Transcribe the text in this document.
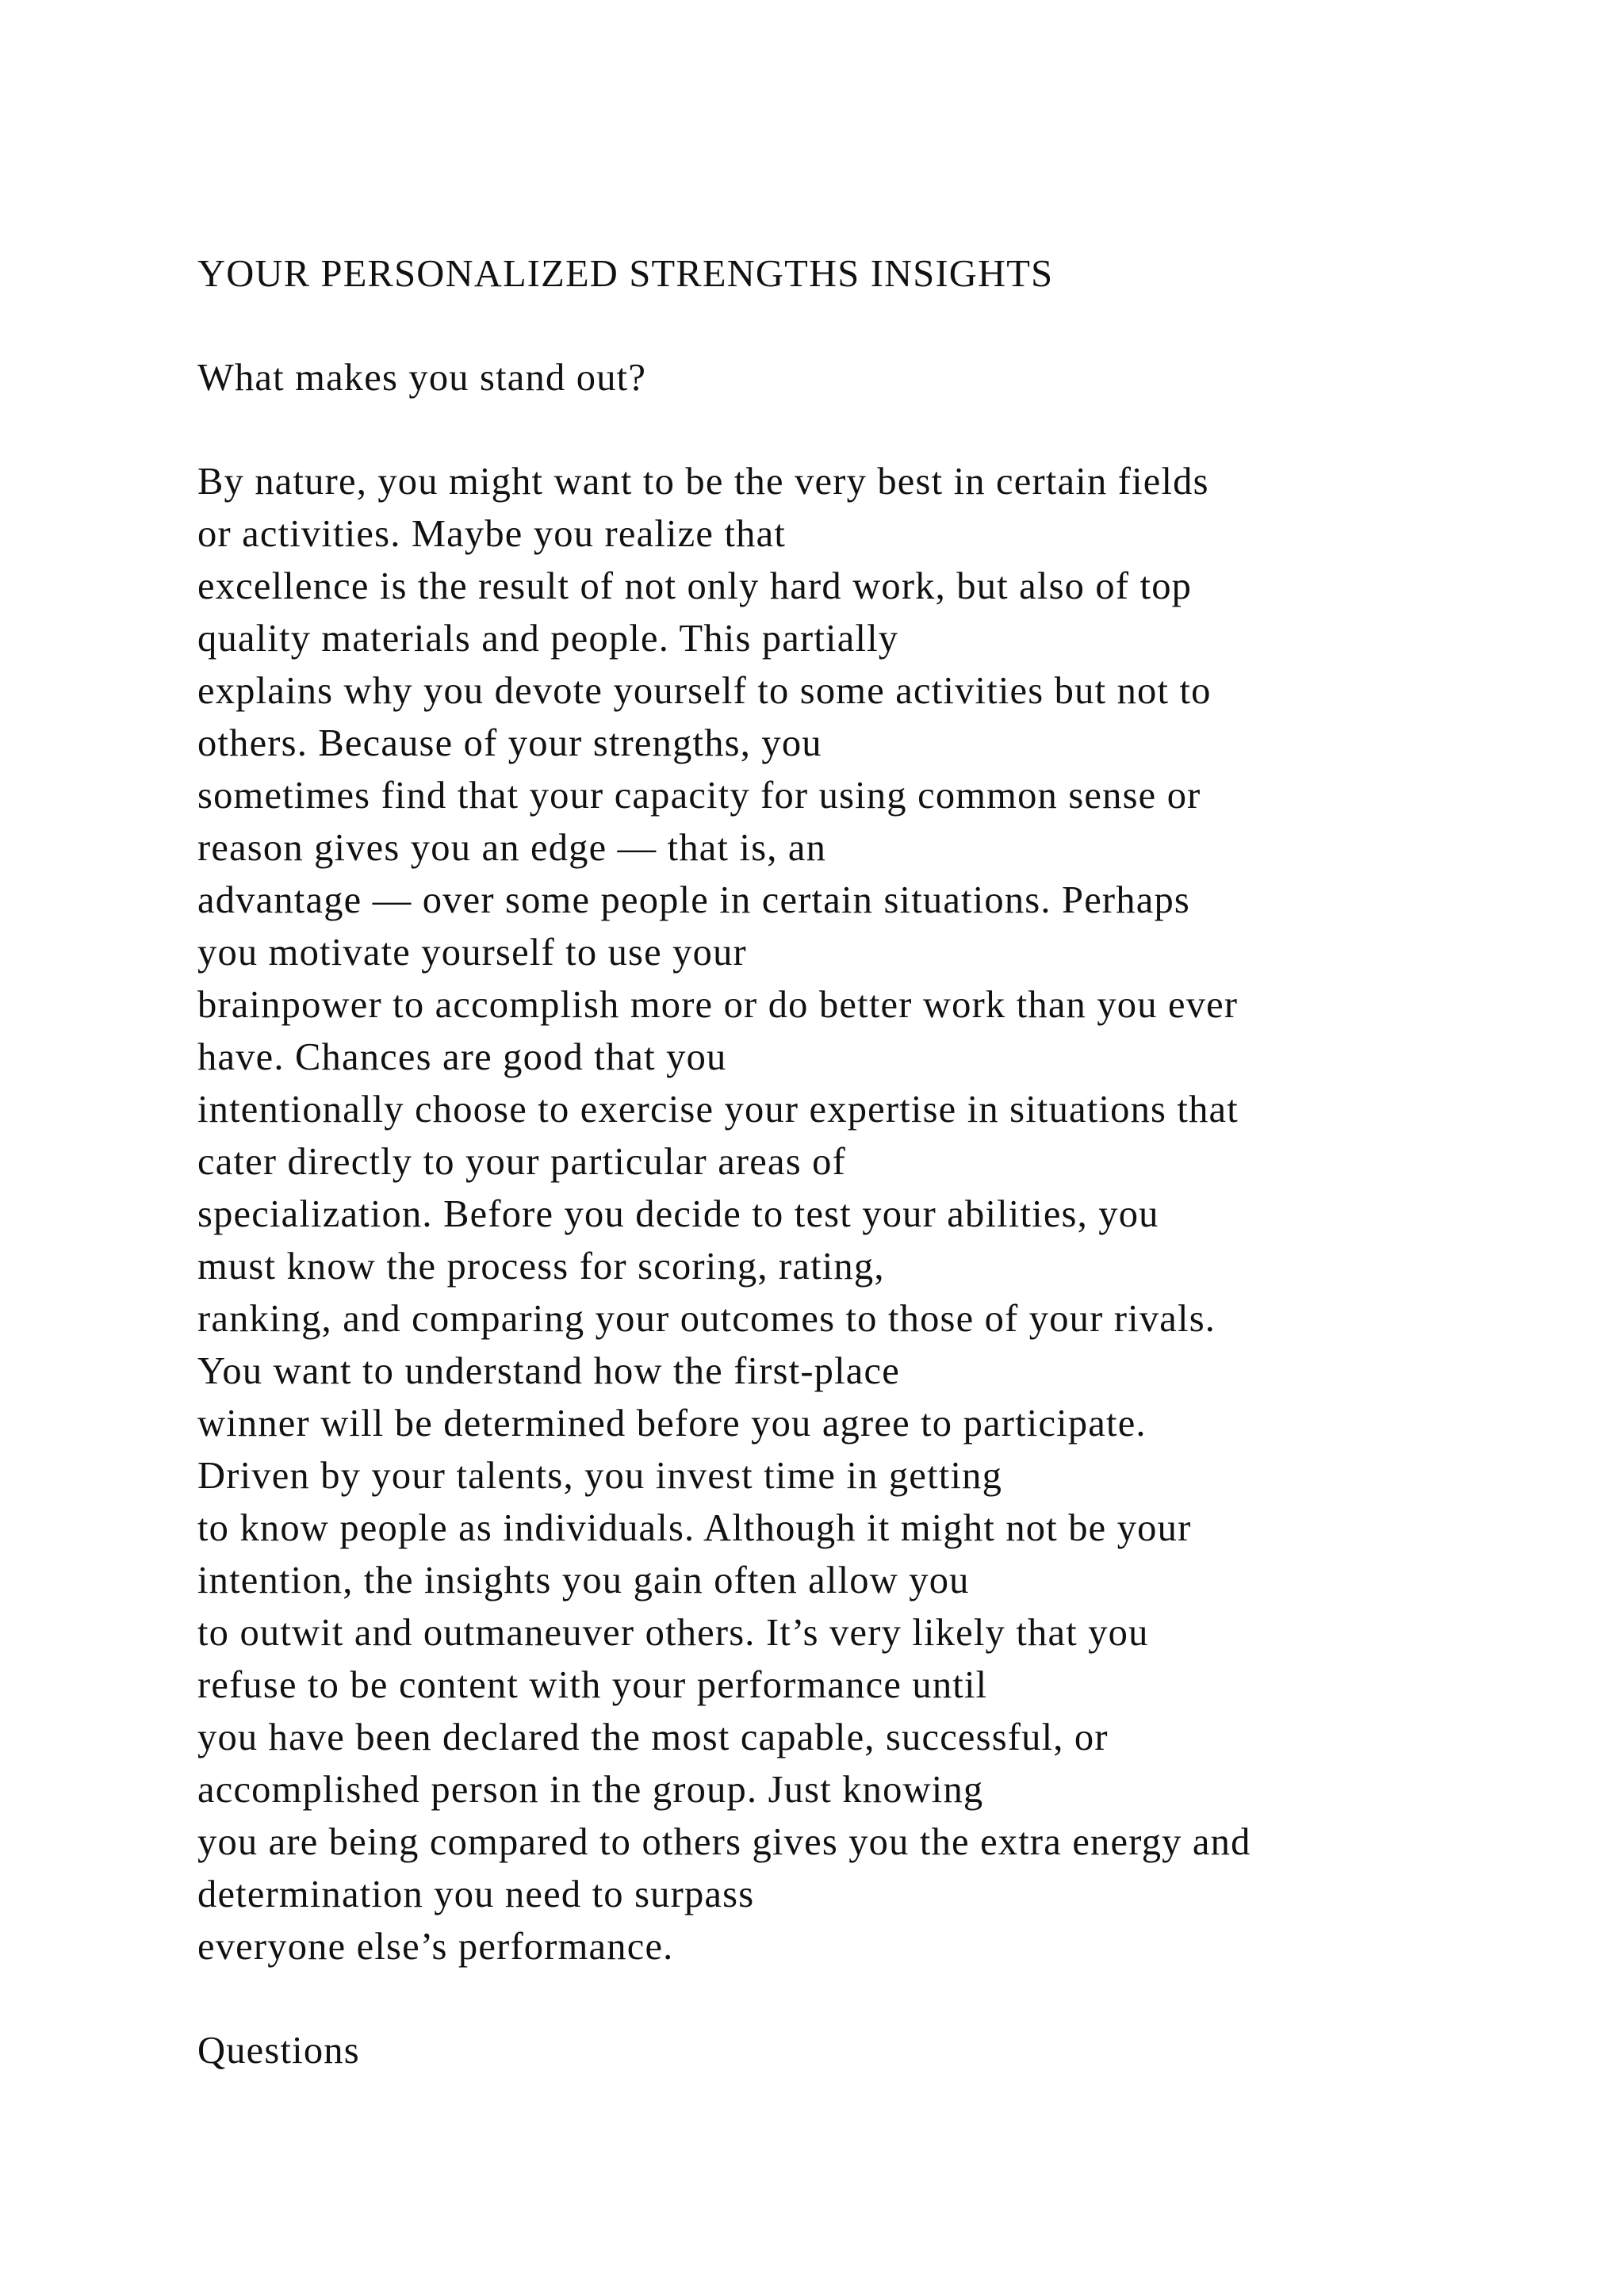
YOUR PERSONALIZED STRENGTHS INSIGHTS

What makes you stand out?

By nature, you might want to be the very best in certain fields

or activities. Maybe you realize that

excellence is the result of not only hard work, but also of top

quality materials and people. This partially

explains why you devote yourself to some activities but not to

others. Because of your strengths, you

sometimes find that your capacity for using common sense or

reason gives you an edge — that is, an

advantage — over some people in certain situations. Perhaps

you motivate yourself to use your

brainpower to accomplish more or do better work than you ever

have. Chances are good that you

intentionally choose to exercise your expertise in situations that

cater directly to your particular areas of

specialization. Before you decide to test your abilities, you

must know the process for scoring, rating,

ranking, and comparing your outcomes to those of your rivals.

You want to understand how the first-place

winner will be determined before you agree to participate.

Driven by your talents, you invest time in getting

to know people as individuals. Although it might not be your

intention, the insights you gain often allow you

to outwit and outmaneuver others. It’s very likely that you

refuse to be content with your performance until

you have been declared the most capable, successful, or

accomplished person in the group. Just knowing

you are being compared to others gives you the extra energy and

determination you need to surpass

everyone else’s performance.

Questions
